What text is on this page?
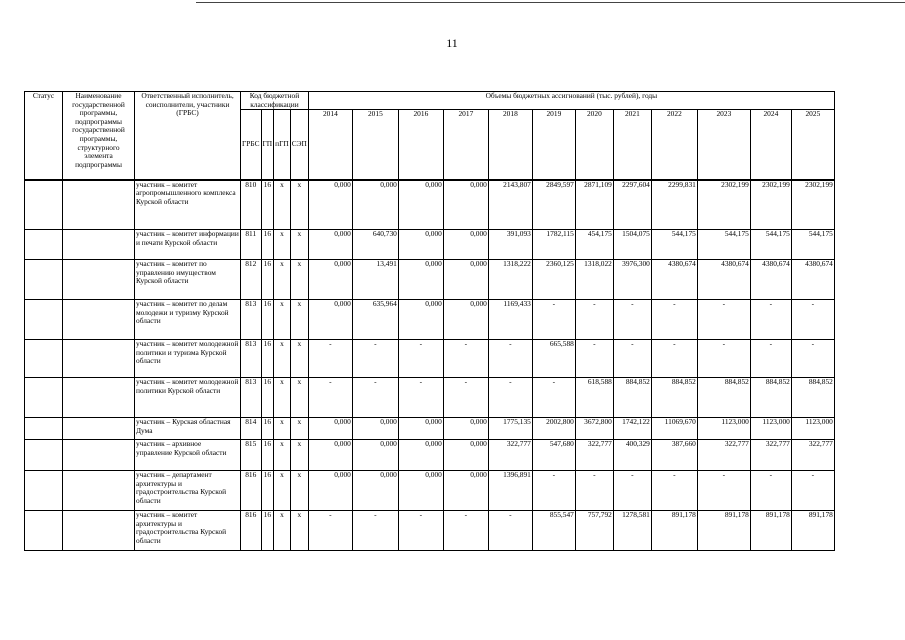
11
Статус	Наименование государственной программы, подпрограммы государственной программы, структурного элемента подпрограммы	Ответственный исполнитель, соисполнители, участники (ГРБС)	Код бюджетной классификации				Объемы бюджетных ассигнований (тыс. рублей), годы											
			ГРБС	ГП	пГП	СЭП	2014	2015	2016	2017	2018	2019	2020	2021	2022	2023	2024	2025

		участник – комитет агропромышленного комплекса Курской области	810	16	х	х	0,000	0,000	0,000	0,000	2143,807	2849,597	2871,109	2297,604	2299,831	2302,199	2302,199	2302,199
		участник – комитет информации и печати Курской области	811	16	х	х	0,000	640,730	0,000	0,000	391,093	1782,115	454,175	1504,075	544,175	544,175	544,175	544,175
		участник – комитет по управлению имуществом Курской области	812	16	х	х	0,000	13,491	0,000	0,000	1318,222	2360,125	1318,022	3976,300	4380,674	4380,674	4380,674	4380,674
		участник – комитет по делам молодежи и туризму Курской области	813	16	х	х	0,000	635,964	0,000	0,000	1169,433	-	-	-	-	-	-	-
		участник – комитет молодежной политики и туризма Курской области	813	16	х	х	-	-	-	-	-	665,588	-	-	-	-	-	-
		участник – комитет молодежной политики Курской области	813	16	х	х	-	-	-	-	-	-	618,588	884,852	884,852	884,852	884,852	884,852
		участник – Курская областная Дума	814	16	х	х	0,000	0,000	0,000	0,000	1775,135	2002,800	3672,800	1742,122	11069,670	1123,000	1123,000	1123,000
		участник – архивное управление Курской области	815	16	х	х	0,000	0,000	0,000	0,000	322,777	547,680	322,777	400,329	387,660	322,777	322,777	322,777
		участник – департамент архитектуры и градостроительства Курской области	816	16	х	х	0,000	0,000	0,000	0,000	1396,891	-	-	-	-	-	-	-
		участник – комитет архитектуры и градостроительства Курской области	816	16	х	х	-	-	-	-	-	855,547	757,792	1278,581	891,178	891,178	891,178	891,178
